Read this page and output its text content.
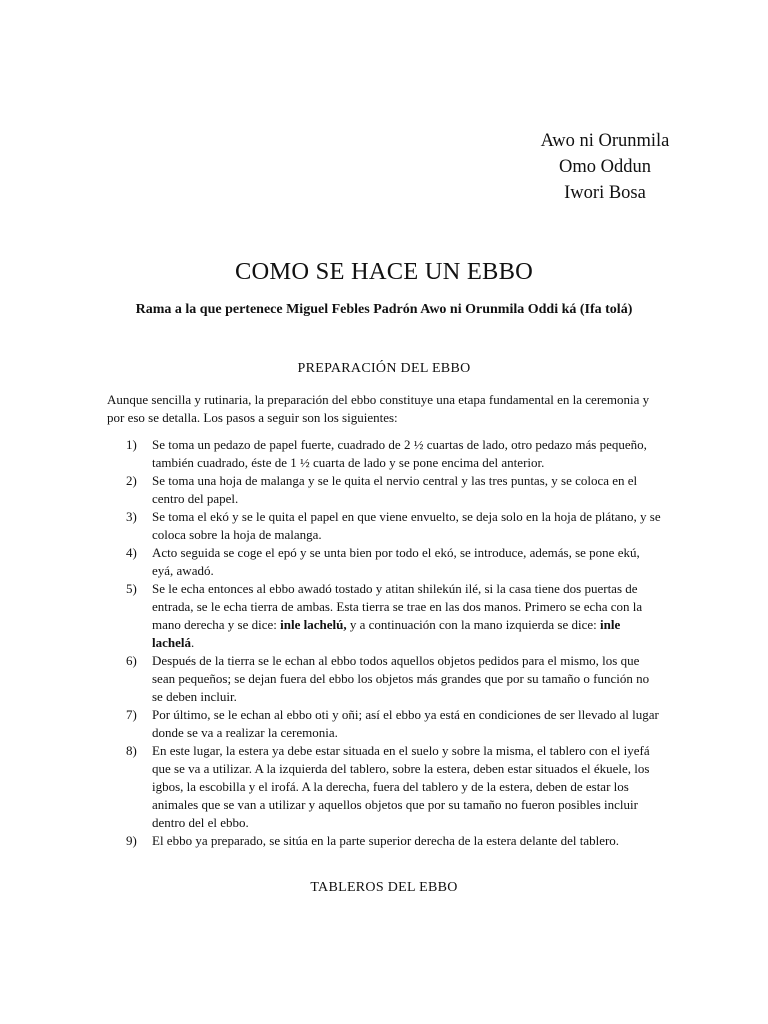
Awo ni Orunmila
Omo Oddun
Iwori Bosa
COMO SE HACE UN EBBO
Rama a la que pertenece Miguel Febles Padrón Awo ni Orunmila Oddi ká (Ifa tolá)
PREPARACIÓN DEL EBBO
Aunque sencilla y rutinaria, la preparación del ebbo constituye una etapa fundamental en la ceremonia y por eso se detalla. Los pasos a seguir son los siguientes:
1) Se toma un pedazo de papel fuerte, cuadrado de 2 ½ cuartas de lado, otro pedazo más pequeño, también cuadrado, éste de 1 ½ cuarta de lado y se pone encima del anterior.
2) Se toma una hoja de malanga y se le quita el nervio central y las tres puntas, y se coloca en el centro del papel.
3) Se toma el ekó y se le quita el papel en que viene envuelto, se deja solo en la hoja de plátano, y se coloca sobre la hoja de malanga.
4) Acto seguida se coge el epó y se unta bien por todo el ekó, se introduce, además, se pone ekú, eyá, awadó.
5) Se le echa entonces al ebbo awadó tostado y atitan shilekún ilé, si la casa tiene dos puertas de entrada, se le echa tierra de ambas. Esta tierra se trae en las dos manos. Primero se echa con la mano derecha y se dice: inle lachelú, y a continuación con la mano izquierda se dice: inle lachelá.
6) Después de la tierra se le echan al ebbo todos aquellos objetos pedidos para el mismo, los que sean pequeños; se dejan fuera del ebbo los objetos más grandes que por su tamaño o función no se deben incluir.
7) Por último, se le echan al ebbo oti y oñi; así el ebbo ya está en condiciones de ser llevado al lugar donde se va a realizar la ceremonia.
8) En este lugar, la estera ya debe estar situada en el suelo y sobre la misma, el tablero con el iyefá que se va a utilizar. A la izquierda del tablero, sobre la estera, deben estar situados el ékuele, los igbos, la escobilla y el irofá. A la derecha, fuera del tablero y de la estera, deben de estar los animales que se van a utilizar y aquellos objetos que por su tamaño no fueron posibles incluir dentro del el ebbo.
9) El ebbo ya preparado, se sitúa en la parte superior derecha de la estera delante del tablero.
TABLEROS DEL EBBO
